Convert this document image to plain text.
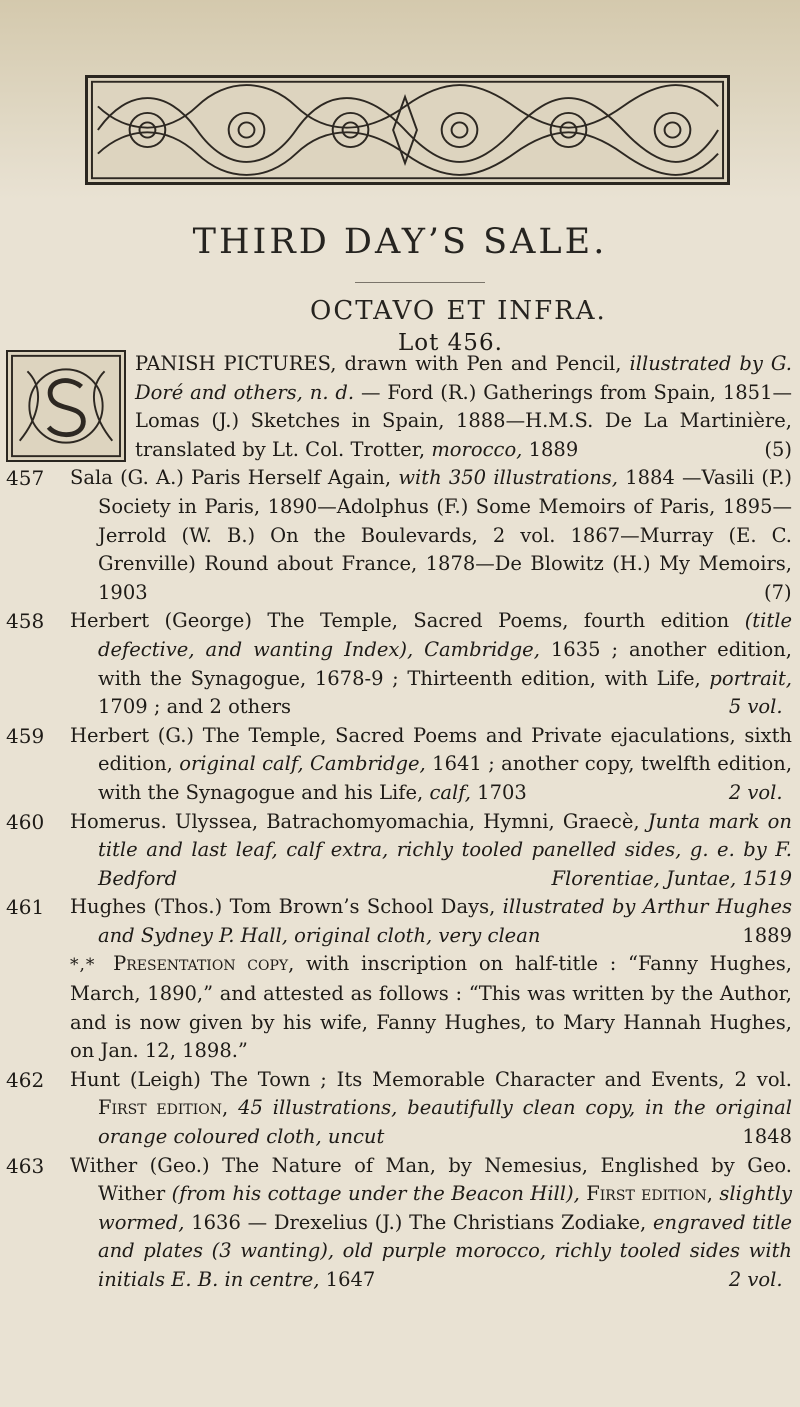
THIRD DAY’S SALE.
OCTAVO ET INFRA.
Lot 456.
PANISH PICTURES, drawn with Pen and Pencil, illustrated by G. Doré and others, n. d. — Ford (R.) Gatherings from Spain, 1851—Lomas (J.) Sketches in Spain, 1888—H.M.S. De La Martinière, translated by Lt. Col. Trotter, morocco, 1889	(5)
457	Sala (G. A.) Paris Herself Again, with 350 illustrations, 1884 —Vasili (P.) Society in Paris, 1890—Adolphus (F.) Some Memoirs of Paris, 1895—Jerrold (W. B.) On the Boulevards, 2 vol. 1867—Murray (E. C. Grenville) Round about France, 1878—De Blowitz (H.) My Memoirs, 1903	(7)
458	Herbert (George) The Temple, Sacred Poems, fourth edition (title defective, and wanting Index), Cambridge, 1635 ; another edition, with the Synagogue, 1678-9 ; Thirteenth edition, with Life, portrait, 1709 ; and 2 others	5 vol.
459	Herbert (G.) The Temple, Sacred Poems and Private ejaculations, sixth edition, original calf, Cambridge, 1641 ; another copy, twelfth edition, with the Synagogue and his Life, calf, 1703	2 vol.
460	Homerus. Ulyssea, Batrachomyomachia, Hymni, Graecè, Junta mark on title and last leaf, calf extra, richly tooled panelled sides, g. e. by F. Bedford	Florentiae, Juntae, 1519
461	Hughes (Thos.) Tom Brown’s School Days, illustrated by Arthur Hughes and Sydney P. Hall, original cloth, very clean	1889
*,* Presentation copy, with inscription on half-title : “Fanny Hughes, March, 1890,” and attested as follows : “This was written by the Author, and is now given by his wife, Fanny Hughes, to Mary Hannah Hughes, on Jan. 12, 1898.”
462	Hunt (Leigh) The Town ; Its Memorable Character and Events, 2 vol. First edition, 45 illustrations, beautifully clean copy, in the original orange coloured cloth, uncut	1848
463	Wither (Geo.) The Nature of Man, by Nemesius, Englished by Geo. Wither (from his cottage under the Beacon Hill), First edition, slightly wormed, 1636 — Drexelius (J.) The Christians Zodiake, engraved title and plates (3 wanting), old purple morocco, richly tooled sides with initials E. B. in centre, 1647	2 vol.
